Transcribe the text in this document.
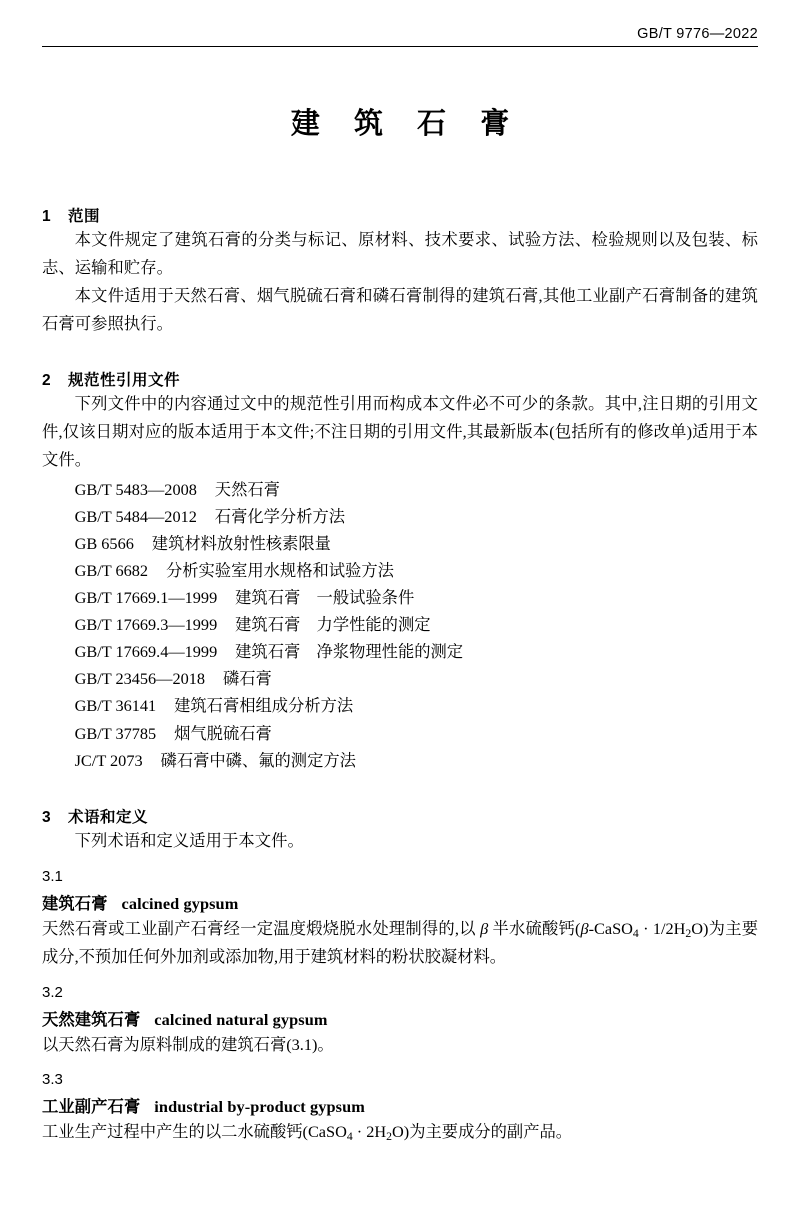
GB/T 9776—2022
建 筑 石 膏
1	范围

本文件规定了建筑石膏的分类与标记、原材料、技术要求、试验方法、检验规则以及包装、标志、运输和贮存。

本文件适用于天然石膏、烟气脱硫石膏和磷石膏制得的建筑石膏,其他工业副产石膏制备的建筑石膏可参照执行。

2	规范性引用文件

下列文件中的内容通过文中的规范性引用而构成本文件必不可少的条款。其中,注日期的引用文件,仅该日期对应的版本适用于本文件;不注日期的引用文件,其最新版本(包括所有的修改单)适用于本文件。

GB/T 5483—2008 天然石膏
GB/T 5484—2012 石膏化学分析方法
GB 6566 建筑材料放射性核素限量
GB/T 6682 分析实验室用水规格和试验方法
GB/T 17669.1—1999 建筑石膏　一般试验条件
GB/T 17669.3—1999 建筑石膏　力学性能的测定
GB/T 17669.4—1999 建筑石膏　净浆物理性能的测定
GB/T 23456—2018 磷石膏
GB/T 36141 建筑石膏相组成分析方法
GB/T 37785 烟气脱硫石膏
JC/T 2073 磷石膏中磷、氟的测定方法
3	术语和定义

下列术语和定义适用于本文件。

3.1
建筑石膏 calcined gypsum

天然石膏或工业副产石膏经一定温度煅烧脱水处理制得的,以 β 半水硫酸钙(β-CaSO$_4$ · $1/2H_2O$)为主要成分,不预加任何外加剂或添加物,用于建筑材料的粉状胶凝材料。

3.2
天然建筑石膏 calcined natural gypsum

以天然石膏为原料制成的建筑石膏(3.1)。

3.3
工业副产石膏 industrial by-product gypsum

工业生产过程中产生的以二水硫酸钙(CaSO$_4$ · $2H_2O$)为主要成分的副产品。
